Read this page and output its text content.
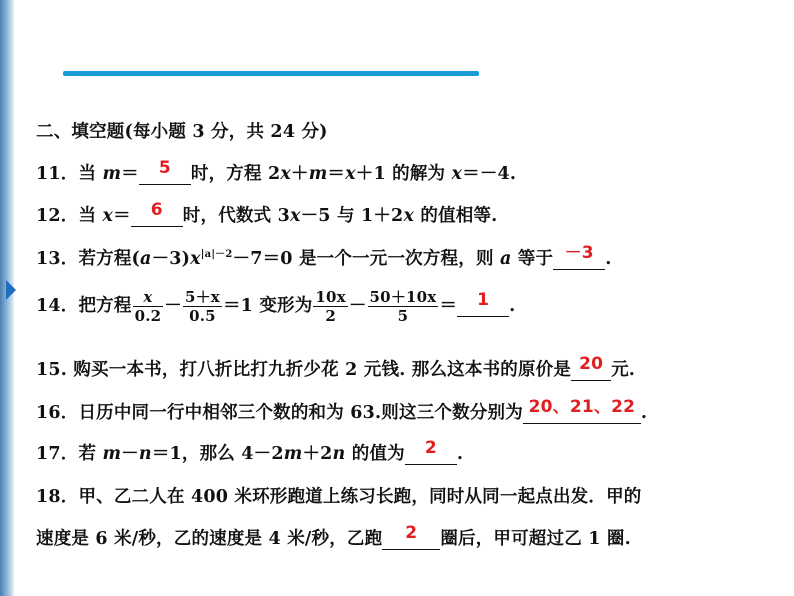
二、填空题(每小题 3 分，共 24 分)
11．当 m＝ 5 时，方程 2x＋m＝x＋1 的解为 x＝－4.
12．当 x＝ 6 时，代数式 3x－5 与 1＋2x 的值相等.
13．若方程$(a-3)x^{|a|-2}-7=0$ 是一个一元一次方程，则 a 等于 －3 .
14．把方程 $\frac{x}{0.2} - \frac{5+x}{0.5} =1$ 变形为 $\frac{10x}{2} - \frac{50+10x}{5} = 1$ .
15. 购买一本书，打八折比打九折少花 2 元钱. 那么这本书的原价是 20 元.
16．日历中同一行中相邻三个数的和为 63.则这三个数分别为 20、21、22 .
17．若 m－n＝1，那么 4－2m＋2n 的值为 2 .
18．甲、乙二人在 400 米环形跑道上练习长跑，同时从同一起点出发．甲的
速度是 6 米/秒，乙的速度是 4 米/秒，乙跑 2 圈后，甲可超过乙 1 圈.
